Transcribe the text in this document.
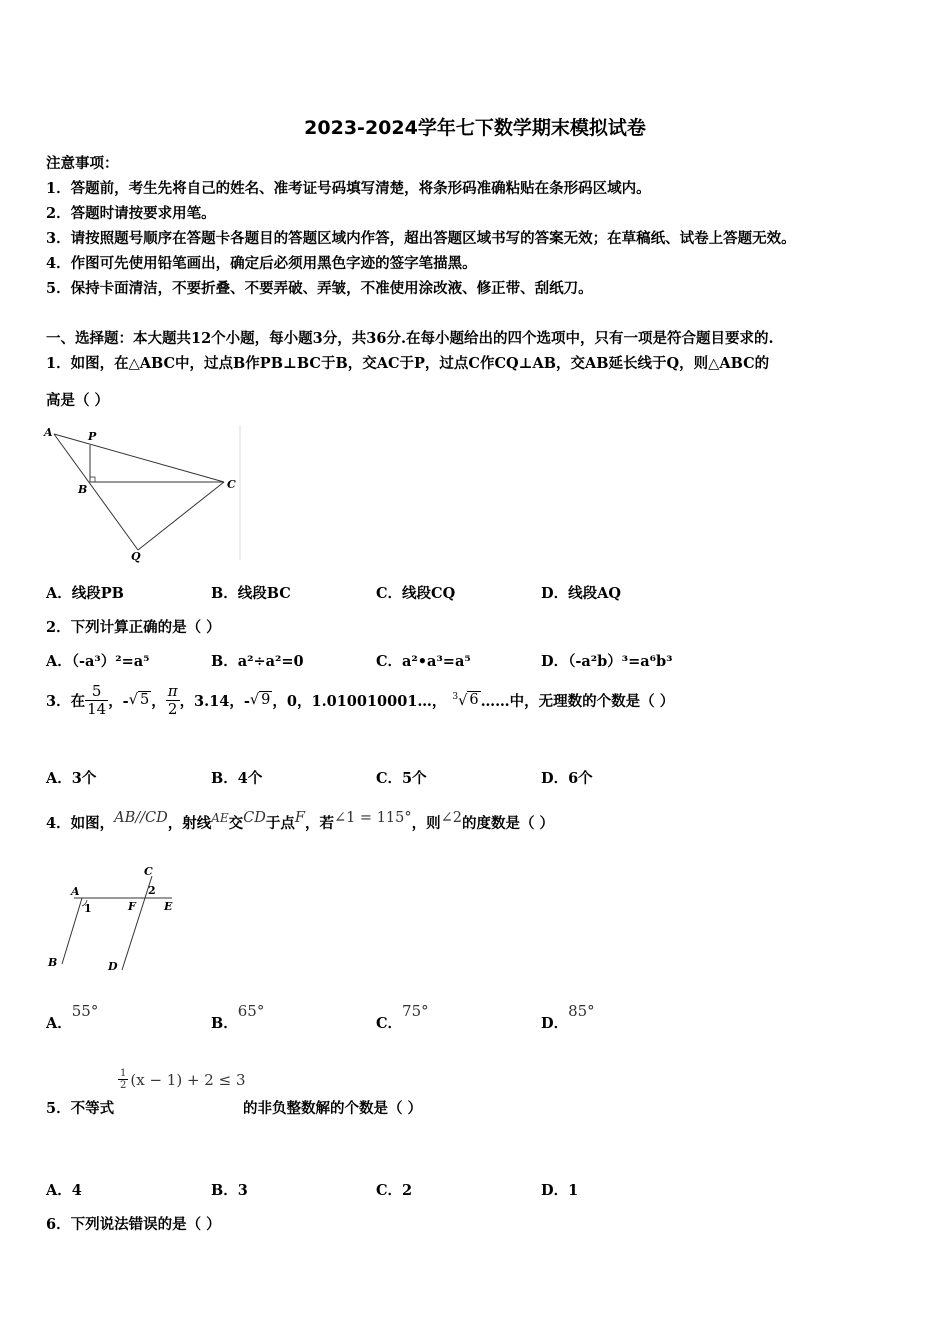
2023-2024学年七下数学期末模拟试卷
注意事项：
1．答题前，考生先将自己的姓名、准考证号码填写清楚，将条形码准确粘贴在条形码区域内。
2．答题时请按要求用笔。
3．请按照题号顺序在答题卡各题目的答题区域内作答，超出答题区域书写的答案无效；在草稿纸、试卷上答题无效。
4．作图可先使用铅笔画出，确定后必须用黑色字迹的签字笔描黑。
5．保持卡面清洁，不要折叠、不要弄破、弄皱，不准使用涂改液、修正带、刮纸刀。
一、选择题：本大题共12个小题，每小题3分，共36分.在每小题给出的四个选项中，只有一项是符合题目要求的.
1．如图，在△ABC中，过点B作PB⊥BC于B，交AC于P，过点C作CQ⊥AB，交AB延长线于Q，则△ABC的
高是（ ）
A	P
B	C
Q
A．线段PB	B．线段BC	C．线段CQ	D．线段AQ
2．下列计算正确的是（ ）
A．（-a³）²=a⁵	B．a²÷a²=0	C．a²•a³=a⁵	D．（-a²b）³=a⁶b³
3．在 $\frac{5}{14}$ ，- √ 5 ， $\frac{\pi}{2}$ ，3.14，- √ 9 ，0，1.010010001…， $^3$√ 6 ……中，无理数的个数是（ ）
A．3个	B．4个	C．5个	D．6个
4．如图，AB//CD，射线$^{AE}$交CD于点F，若∠1 = 115°，则∠2的度数是（ ）
C
A
1
2
F	E
B	D
A．55°
B．65°
C．75°
D．85°
$\frac{1}{2} (x - 1) + 2 \le 3$
5．不等式	的非负整数解的个数是（ ）
A．4	B．3	C．2	D．1
6．下列说法错误的是（ ）
